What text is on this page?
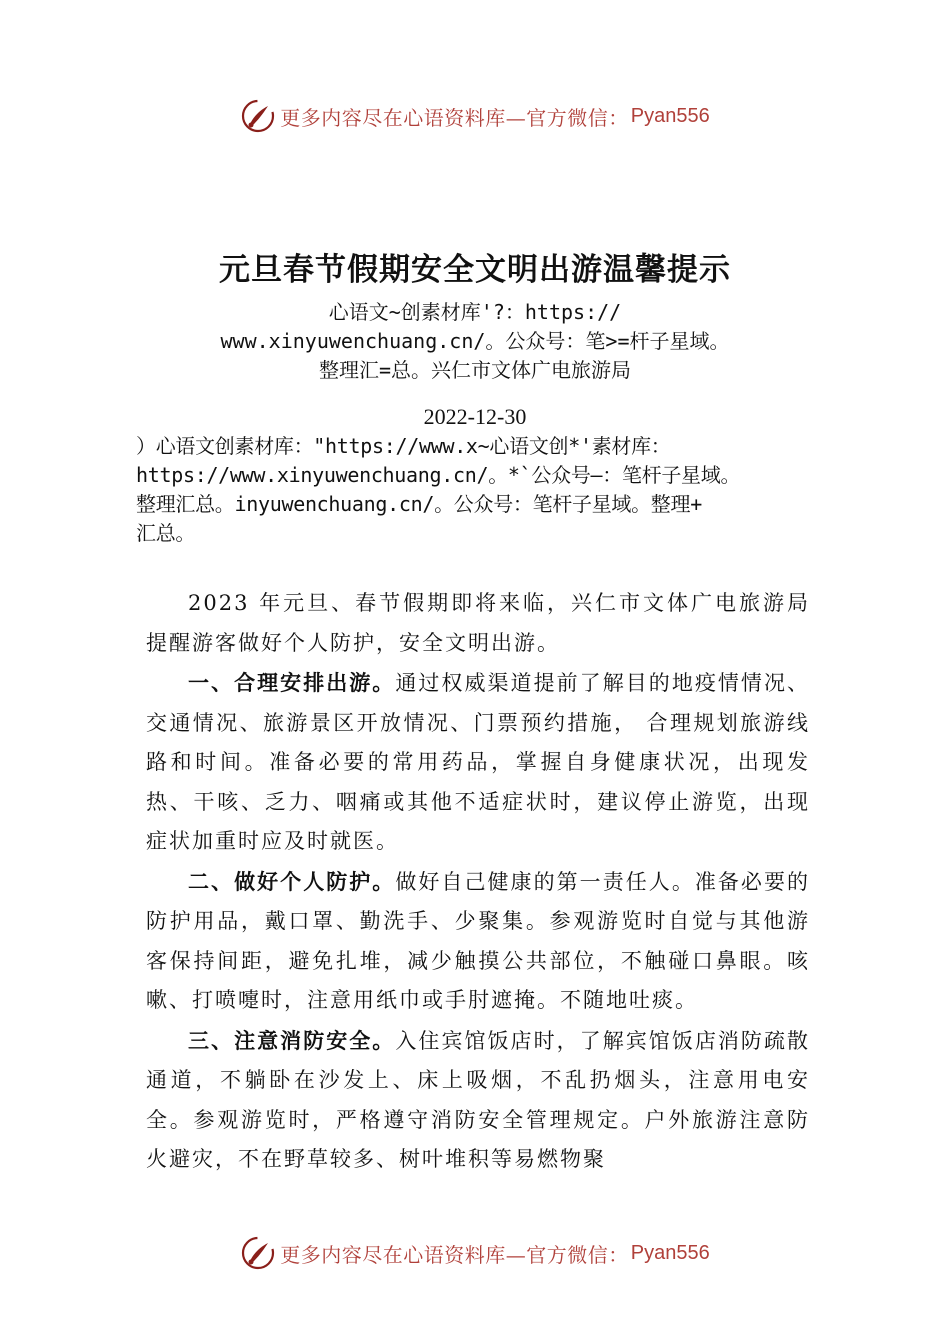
更多内容尽在心语资料库—官方微信： Pyan556
元旦春节假期安全文明出游温馨提示
心语文~创素材库'?：https://
www.xinyuwenchuang.cn/。公众号：笔>=杆子星域。
整理汇=总。兴仁市文体广电旅游局
2022-12-30
）心语文创素材库："https://www.x~心语文创*'素材库：
https://www.xinyuwenchuang.cn/。*`公众号—：笔杆子星域。
整理汇总。inyuwenchuang.cn/。公众号：笔杆子星域。整理+
汇总。

2023 年元旦、春节假期即将来临，兴仁市文体广电旅游局提醒游客做好个人防护，安全文明出游。

一、合理安排出游。通过权威渠道提前了解目的地疫情情况、交通情况、旅游景区开放情况、门票预约措施， 合理规划旅游线路和时间。准备必要的常用药品，掌握自身健康状况，出现发热、干咳、乏力、咽痛或其他不适症状时，建议停止游览，出现症状加重时应及时就医。

二、做好个人防护。做好自己健康的第一责任人。准备必要的防护用品，戴口罩、勤洗手、少聚集。参观游览时自觉与其他游客保持间距，避免扎堆，减少触摸公共部位，不触碰口鼻眼。咳嗽、打喷嚏时，注意用纸巾或手肘遮掩。不随地吐痰。

三、注意消防安全。入住宾馆饭店时，了解宾馆饭店消防疏散通道，不躺卧在沙发上、床上吸烟，不乱扔烟头，注意用电安全。参观游览时，严格遵守消防安全管理规定。户外旅游注意防火避灾，不在野草较多、树叶堆积等易燃物聚

更多内容尽在心语资料库—官方微信： Pyan556
